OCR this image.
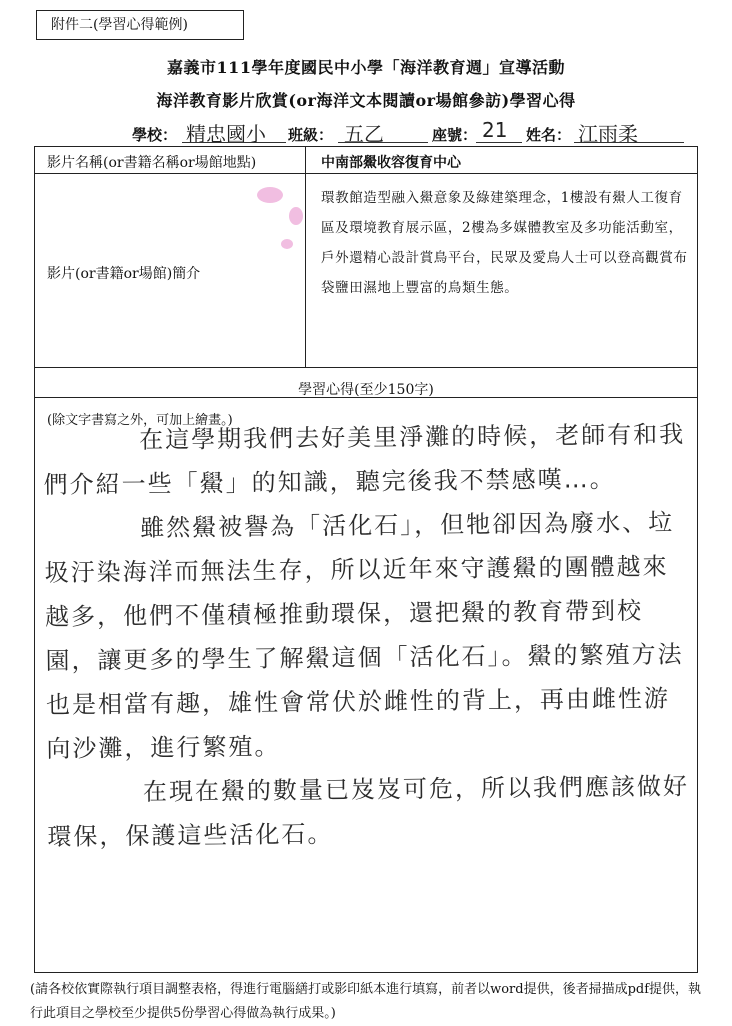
附件二(學習心得範例)
嘉義市111學年度國民中小學「海洋教育週」宣導活動
海洋教育影片欣賞(or海洋文本閱讀or場館參訪)學習心得
學校： 精忠國小 班級： 五乙	座號： 21 姓名： 江雨柔
影片名稱(or書籍名稱or場館地點)	中南部鱟收容復育中心
影片(or書籍or場館)簡介
環教館造型融入鱟意象及綠建築理念，1樓設有鱟人工復育區及環境教育展示區，2樓為多媒體教室及多功能活動室，戶外還精心設計賞鳥平台，民眾及愛鳥人士可以登高觀賞布袋鹽田濕地上豐富的鳥類生態。
學習心得(至少150字)
(除文字書寫之外，可加上繪畫。)

在這學期我們去好美里淨灘的時候，老師有和我們介紹一些「鱟」的知識，聽完後我不禁感嘆…。

雖然鱟被譽為「活化石」，但牠卻因為廢水、垃圾汙染海洋而無法生存，所以近年來守護鱟的團體越來越多，他們不僅積極推動環保，還把鱟的教育帶到校園，讓更多的學生了解鱟這個「活化石」。鱟的繁殖方法也是相當有趣，雄性會常伏於雌性的背上，再由雌性游向沙灘，進行繁殖。

在現在鱟的數量已岌岌可危，所以我們應該做好環保，保護這些活化石。

(請各校依實際執行項目調整表格，得進行電腦繕打或影印紙本進行填寫，前者以word提供，後者掃描成pdf提供，執行此項目之學校至少提供5份學習心得做為執行成果。)
